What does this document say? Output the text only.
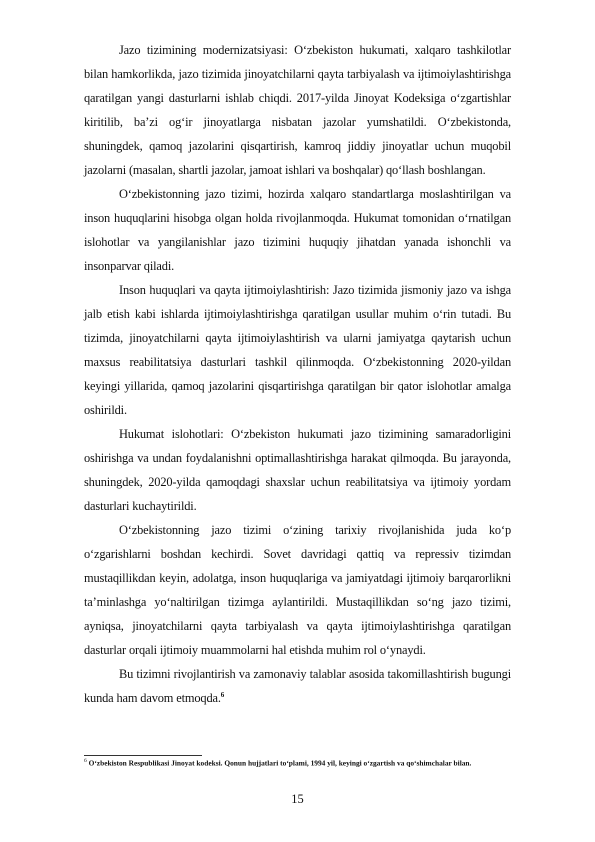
Jazo tizimining modernizatsiyasi: O‘zbekiston hukumati, xalqaro tashkilotlar bilan hamkorlikda, jazo tizimida jinoyatchilarni qayta tarbiyalash va ijtimoiylashtirishga qaratilgan yangi dasturlarni ishlab chiqdi. 2017-yilda Jinoyat Kodeksiga o‘zgartishlar kiritilib, ba’zi og‘ir jinoyatlarga nisbatan jazolar yumshatildi. O‘zbekistonda, shuningdek, qamoq jazolarini qisqartirish, kamroq jiddiy jinoyatlar uchun muqobil jazolarni (masalan, shartli jazolar, jamoat ishlari va boshqalar) qo‘llash boshlangan.

O‘zbekistonning jazo tizimi, hozirda xalqaro standartlarga moslashtirilgan va inson huquqlarini hisobga olgan holda rivojlanmoqda. Hukumat tomonidan o‘rnatilgan islohotlar va yangilanishlar jazo tizimini huquqiy jihatdan yanada ishonchli va insonparvar qiladi.

Inson huquqlari va qayta ijtimoiylashtirish: Jazo tizimida jismoniy jazo va ishga jalb etish kabi ishlarda ijtimoiylashtirishga qaratilgan usullar muhim o‘rin tutadi. Bu tizimda, jinoyatchilarni qayta ijtimoiylashtirish va ularni jamiyatga qaytarish uchun maxsus reabilitatsiya dasturlari tashkil qilinmoqda. O‘zbekistonning 2020-yildan keyingi yillarida, qamoq jazolarini qisqartirishga qaratilgan bir qator islohotlar amalga oshirildi.

Hukumat islohotlari: O‘zbekiston hukumati jazo tizimining samaradorligini oshirishga va undan foydalanishni optimallashtirishga harakat qilmoqda. Bu jarayonda, shuningdek, 2020-yilda qamoqdagi shaxslar uchun reabilitatsiya va ijtimoiy yordam dasturlari kuchaytirildi.

O‘zbekistonning jazo tizimi o‘zining tarixiy rivojlanishida juda ko‘p o‘zgarishlarni boshdan kechirdi. Sovet davridagi qattiq va repressiv tizimdan mustaqillikdan keyin, adolatga, inson huquqlariga va jamiyatdagi ijtimoiy barqarorlikni ta’minlashga yo‘naltirilgan tizimga aylantirildi. Mustaqillikdan so‘ng jazo tizimi, ayniqsa, jinoyatchilarni qayta tarbiyalash va qayta ijtimoiylashtirishga qaratilgan dasturlar orqali ijtimoiy muammolarni hal etishda muhim rol o‘ynaydi.

Bu tizimni rivojlantirish va zamonaviy talablar asosida takomillashtirish bugungi kunda ham davom etmoqda.$^6$

$^6$ O‘zbekiston Respublikasi Jinoyat kodeksi. Qonun hujjatlari to‘plami, 1994 yil, keyingi o‘zgartish va qo‘shimchalar bilan.
15
